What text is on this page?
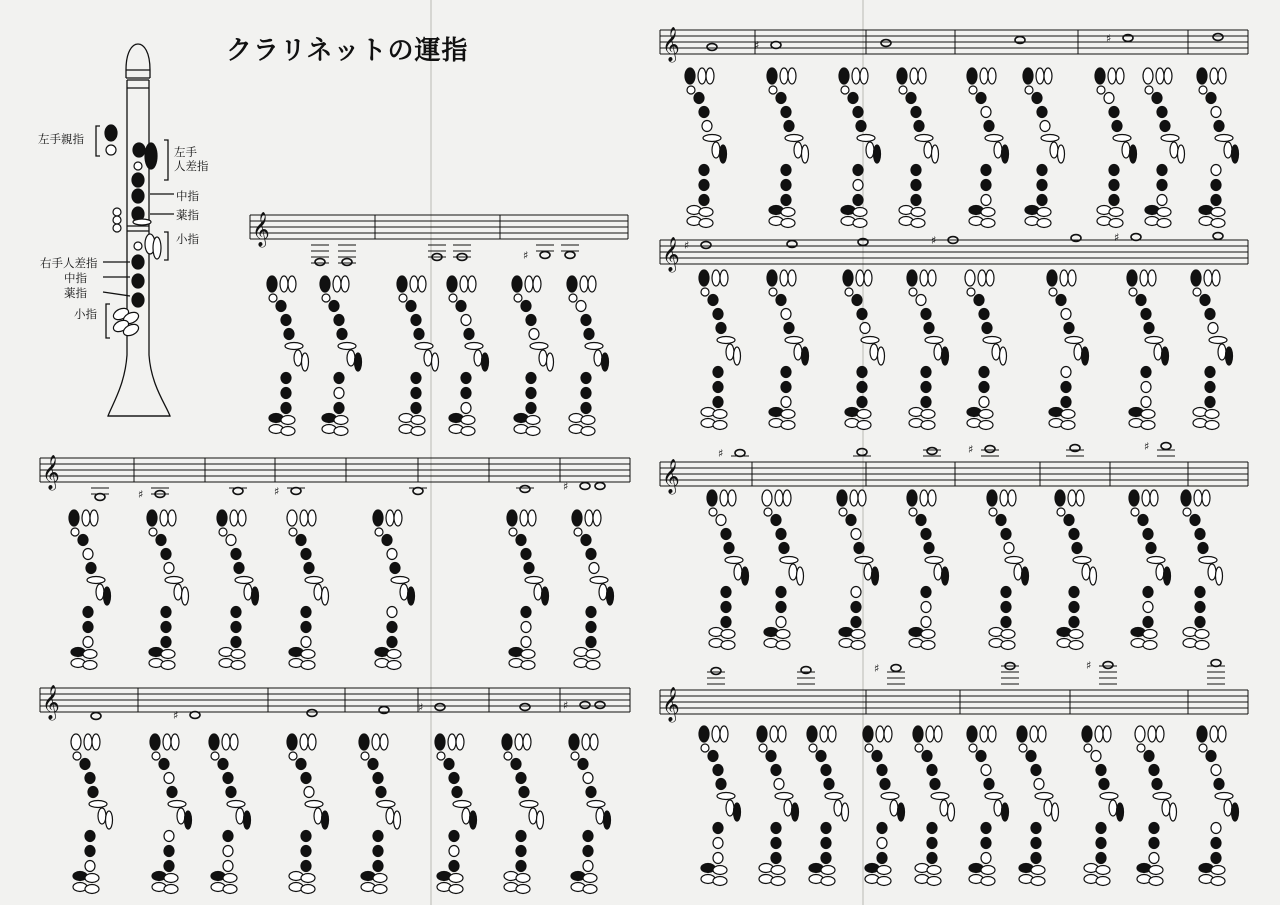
クラリネットの運指
左手親指
左手
人差指
中指
薬指
小指
右手人差指
中指
薬指
小指
𝄞
♯
𝄞
♯	♯	♯
𝄞	♯
♯	♯
𝄞	♯
♯
𝄞 ♯	♯	♯
𝄞
♯	♯	♯
𝄞
♯	♯
